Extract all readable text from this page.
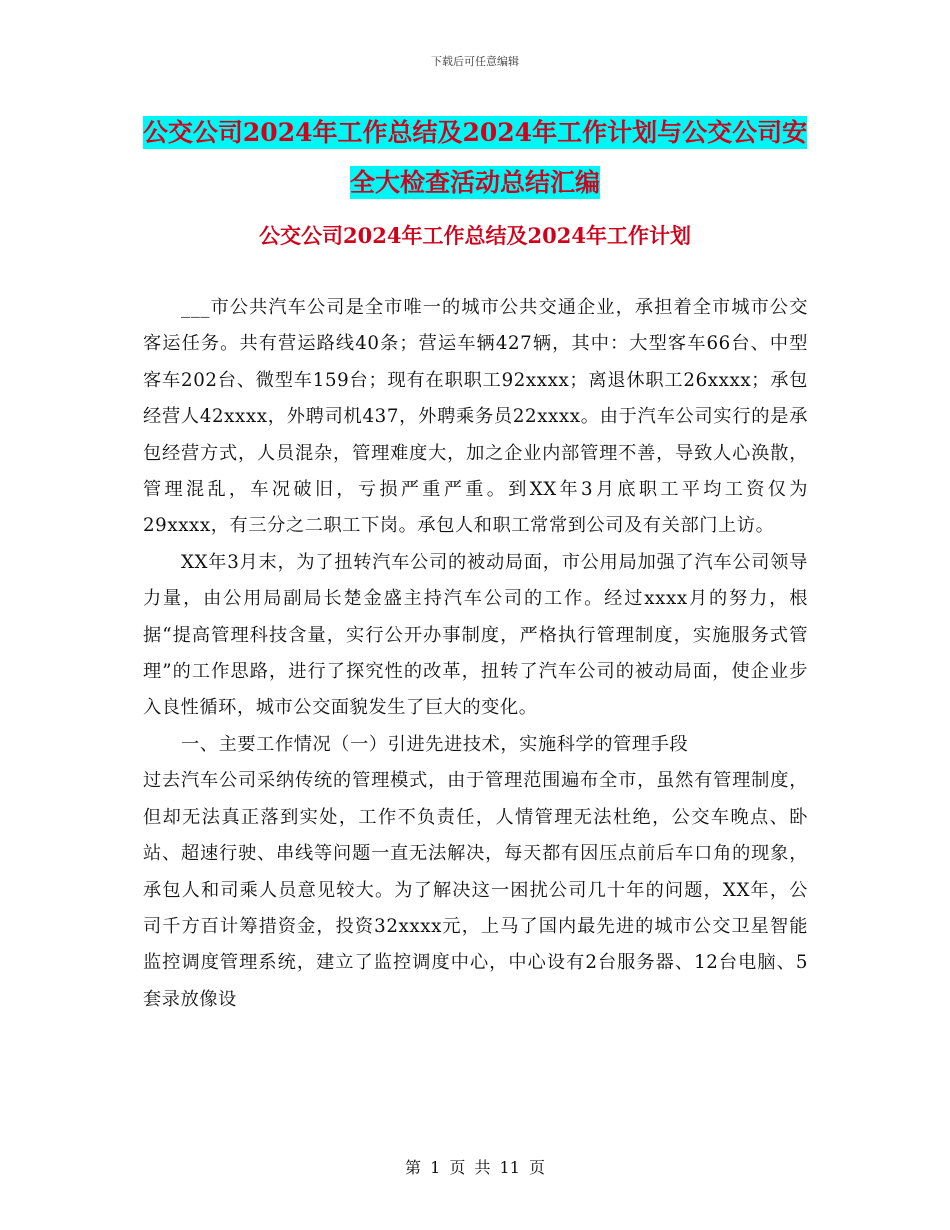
下载后可任意编辑
公交公司2024年工作总结及2024年工作计划与公交公司安全大检查活动总结汇编
公交公司2024年工作总结及2024年工作计划

___市公共汽车公司是全市唯一的城市公共交通企业，承担着全市城市公交客运任务。共有营运路线40条；营运车辆427辆，其中：大型客车66台、中型客车202台、微型车159台；现有在职职工92xxxx；离退休职工26xxxx；承包经营人42xxxx，外聘司机437，外聘乘务员22xxxx。由于汽车公司实行的是承包经营方式，人员混杂，管理难度大，加之企业内部管理不善，导致人心涣散，管理混乱，车况破旧，亏损严重严重。到XX年3月底职工平均工资仅为29xxxx，有三分之二职工下岗。承包人和职工常常到公司及有关部门上访。

XX年3月末，为了扭转汽车公司的被动局面，市公用局加强了汽车公司领导力量，由公用局副局长楚金盛主持汽车公司的工作。经过xxxx月的努力，根据“提高管理科技含量，实行公开办事制度，严格执行管理制度，实施服务式管理”的工作思路，进行了探究性的改革，扭转了汽车公司的被动局面，使企业步入良性循环，城市公交面貌发生了巨大的变化。

一、主要工作情况（一）引进先进技术，实施科学的管理手段

过去汽车公司采纳传统的管理模式，由于管理范围遍布全市，虽然有管理制度，但却无法真正落到实处，工作不负责任，人情管理无法杜绝，公交车晚点、卧站、超速行驶、串线等问题一直无法解决，每天都有因压点前后车口角的现象，承包人和司乘人员意见较大。为了解决这一困扰公司几十年的问题，XX年，公司千方百计筹措资金，投资32xxxx元，上马了国内最先进的城市公交卫星智能监控调度管理系统，建立了监控调度中心，中心设有2台服务器、12台电脑、5套录放像设

第 1 页 共 11 页
